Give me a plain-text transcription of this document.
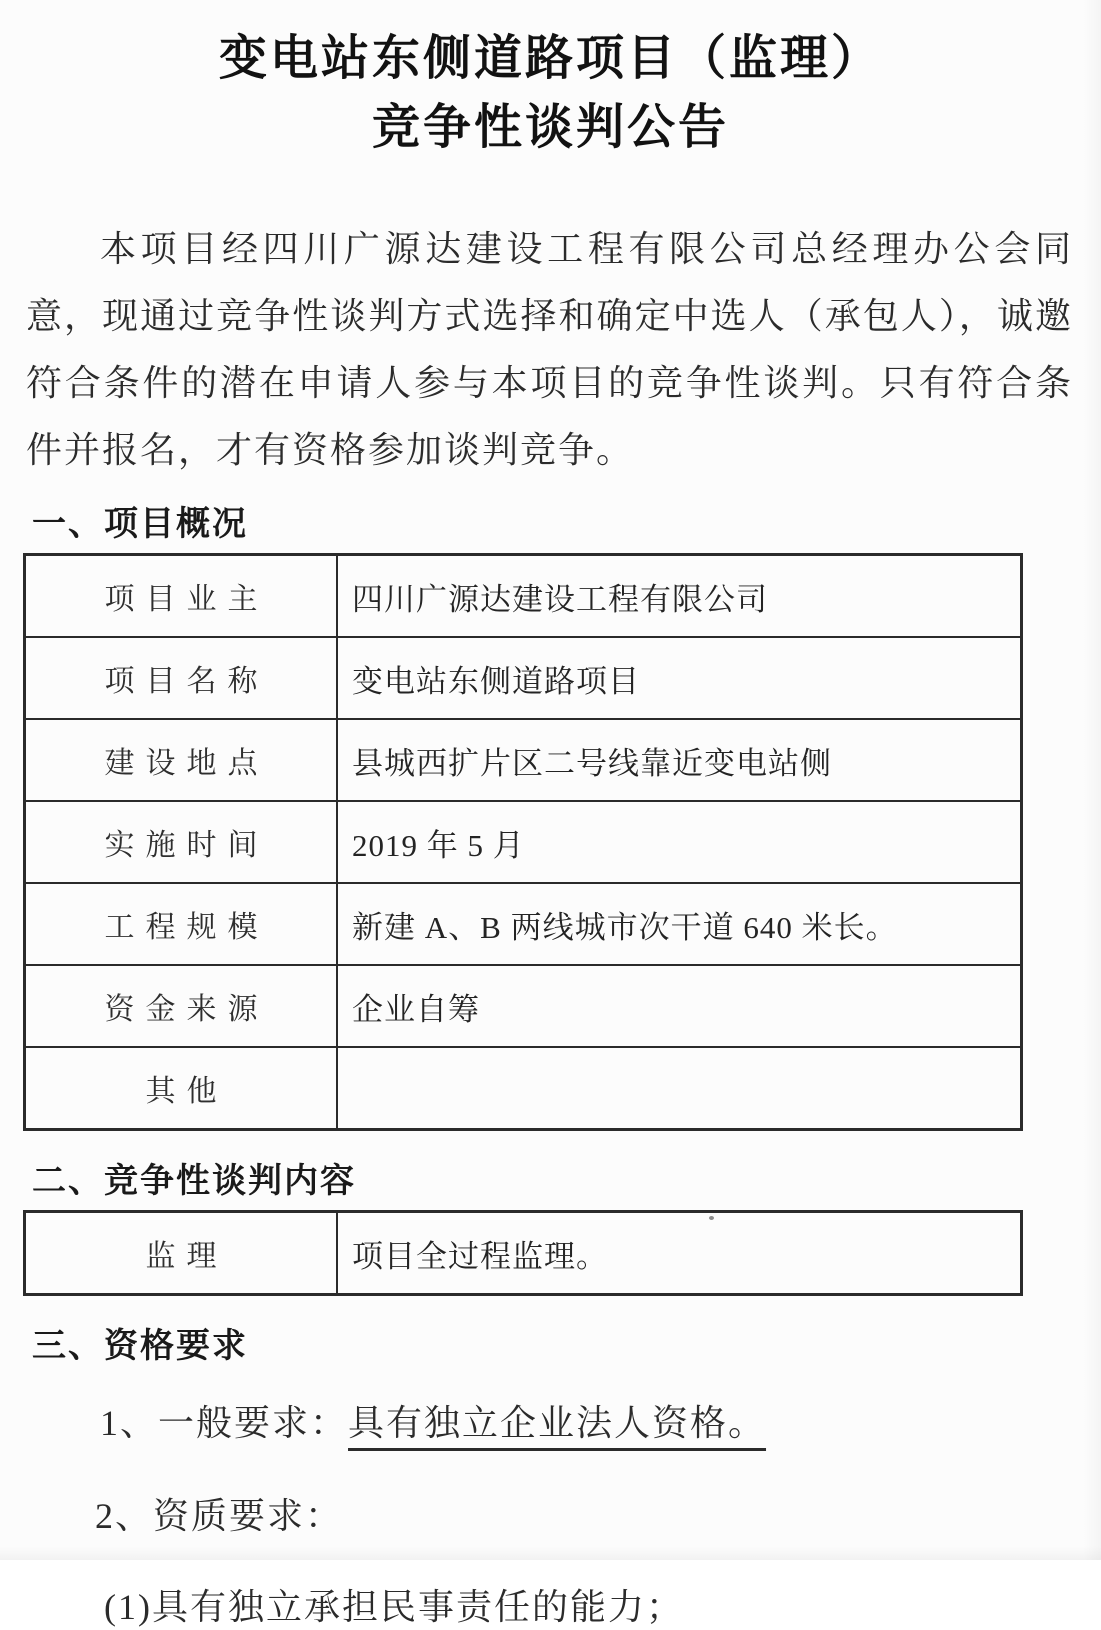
变电站东侧道路项目（监理）
竞争性谈判公告

本项目经四川广源达建设工程有限公司总经理办公会同意，现通过竞争性谈判方式选择和确定中选人（承包人），诚邀符合条件的潜在申请人参与本项目的竞争性谈判。只有符合条件并报名，才有资格参加谈判竞争。

一、项目概况
项目业主	四川广源达建设工程有限公司
项目名称	变电站东侧道路项目
建设地点	县城西扩片区二号线靠近变电站侧
实施时间	2019 年 5 月
工程规模	新建 A、B 两线城市次干道 640 米长。
资金来源	企业自筹
其他	
二、竞争性谈判内容
监理	项目全过程监理。
三、资格要求
1、一般要求：具有独立企业法人资格。
2、资质要求：
(1)具有独立承担民事责任的能力；
